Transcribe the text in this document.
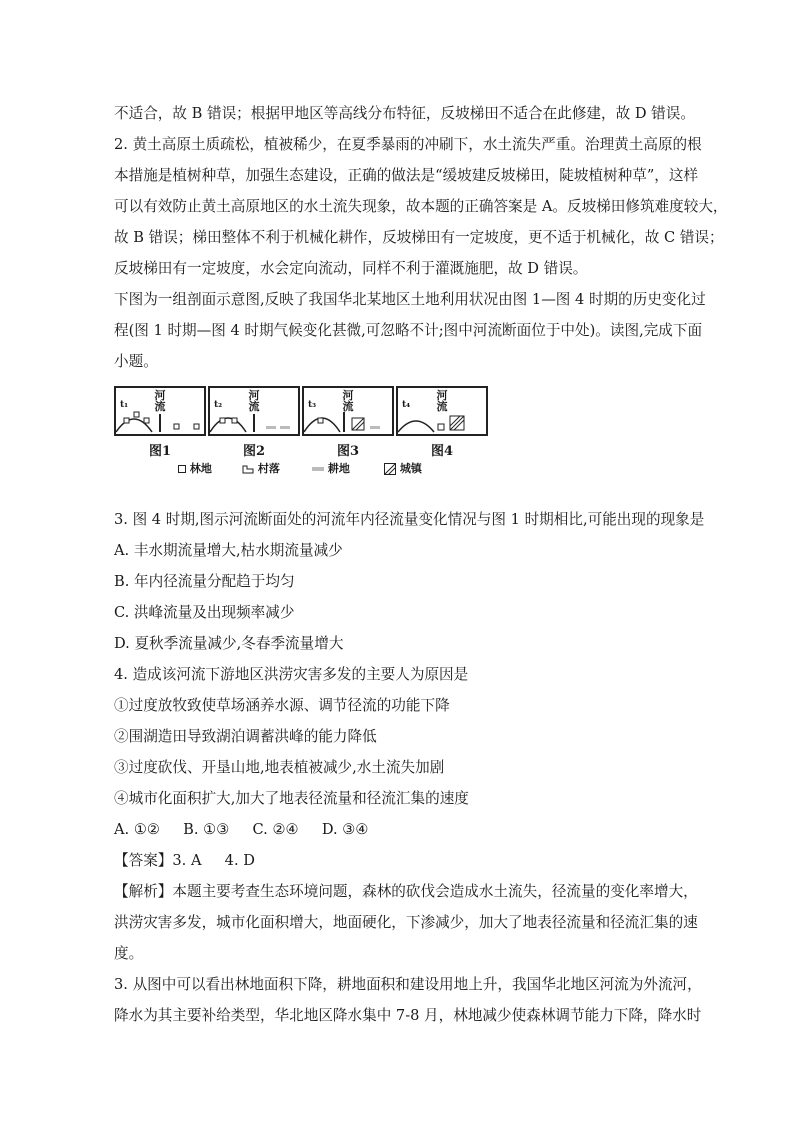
不适合，故 B 错误；根据甲地区等高线分布特征，反坡梯田不适合在此修建，故 D 错误。
2. 黄土高原土质疏松，植被稀少，在夏季暴雨的冲刷下，水土流失严重。治理黄土高原的根
本措施是植树种草，加强生态建设，正确的做法是“缓坡建反坡梯田，陡坡植树种草”，这样
可以有效防止黄土高原地区的水土流失现象，故本题的正确答案是 A。反坡梯田修筑难度较大，
故 B 错误；梯田整体不利于机械化耕作，反坡梯田有一定坡度，更不适于机械化，故 C 错误；
反坡梯田有一定坡度，水会定向流动，同样不利于灌溉施肥，故 D 错误。
下图为一组剖面示意图,反映了我国华北某地区土地利用状况由图 1—图 4 时期的历史变化过
程(图 1 时期—图 4 时期气候变化甚微,可忽略不计;图中河流断面位于中处)。读图,完成下面
小题。
河流
t₁
河流
t₂
河流
t₃
河流
t₄
图1	图2	图3	图4
林地	村落	耕地	城镇
3. 图 4 时期,图示河流断面处的河流年内径流量变化情况与图 1 时期相比,可能出现的现象是
A. 丰水期流量增大,枯水期流量减少
B. 年内径流量分配趋于均匀
C. 洪峰流量及出现频率减少
D. 夏秋季流量减少,冬春季流量增大
4. 造成该河流下游地区洪涝灾害多发的主要人为原因是
①过度放牧致使草场涵养水源、调节径流的功能下降
②围湖造田导致湖泊调蓄洪峰的能力降低
③过度砍伐、开垦山地,地表植被减少,水土流失加剧
④城市化面积扩大,加大了地表径流量和径流汇集的速度
A. ①②     B. ①③     C. ②④     D. ③④
【答案】3. A     4. D
【解析】本题主要考查生态环境问题，森林的砍伐会造成水土流失，径流量的变化率增大，
洪涝灾害多发，城市化面积增大，地面硬化，下渗减少，加大了地表径流量和径流汇集的速
度。
3. 从图中可以看出林地面积下降，耕地面积和建设用地上升，我国华北地区河流为外流河，
降水为其主要补给类型，华北地区降水集中 7-8 月，林地减少使森林调节能力下降，降水时
